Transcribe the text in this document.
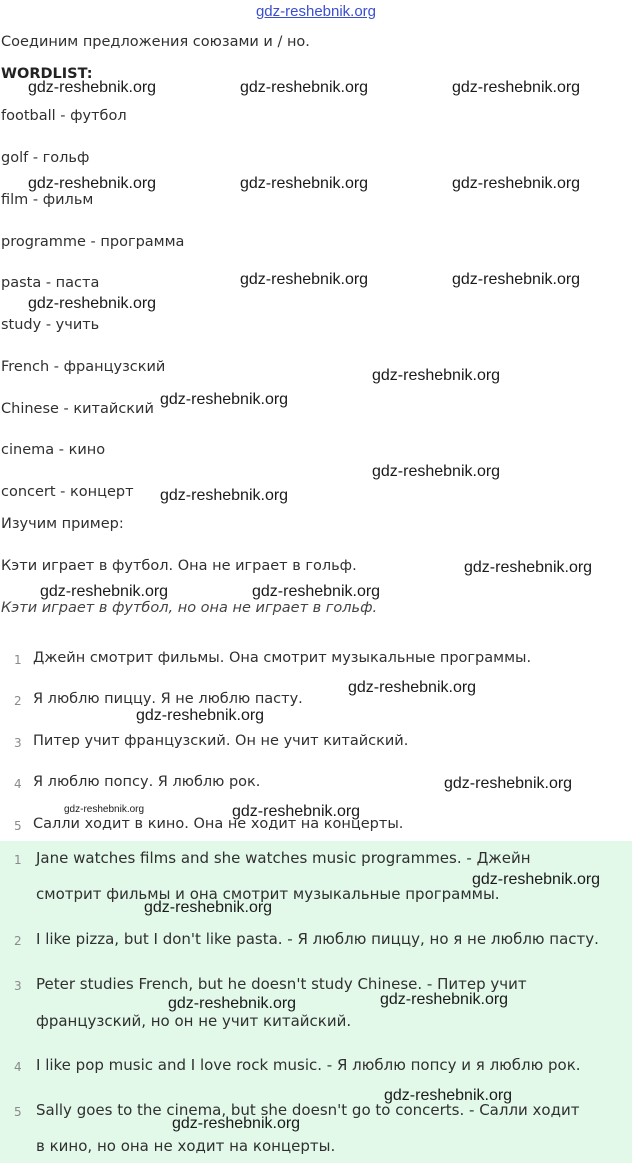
gdz-reshebnik.org
Соединим предложения союзами и / но.
WORDLIST:
football - футбол
golf - гольф
film - фильм
programme - программа
pasta - паста
study - учить
French - французский
Chinese - китайский
cinema - кино
concert - концерт
Изучим пример:
Кэти играет в футбол. Она не играет в гольф.
Кэти играет в футбол, но она не играет в гольф.
1 Джейн смотрит фильмы. Она смотрит музыкальные программы.
2 Я люблю пиццу. Я не люблю пасту.
3 Питер учит французский. Он не учит китайский.
4 Я люблю попсу. Я люблю рок.
5 Салли ходит в кино. Она не ходит на концерты.
1 Jane watches films and she watches music programmes. - Джейн
смотрит фильмы и она смотрит музыкальные программы.
2 I like pizza, but I don't like pasta. - Я люблю пиццу, но я не люблю пасту.
3 Peter studies French, but he doesn't study Chinese. - Питер учит
французский, но он не учит китайский.
4 I like pop music and I love rock music. - Я люблю попсу и я люблю рок.
5 Sally goes to the cinema, but she doesn't go to concerts. - Салли ходит
в кино, но она не ходит на концерты.
gdz-reshebnik.org	gdz-reshebnik.org	gdz-reshebnik.org
gdz-reshebnik.org	gdz-reshebnik.org	gdz-reshebnik.org
gdz-reshebnik.org	gdz-reshebnik.org
gdz-reshebnik.org
gdz-reshebnik.org
gdz-reshebnik.org
gdz-reshebnik.org
gdz-reshebnik.org
gdz-reshebnik.org
gdz-reshebnik.org	gdz-reshebnik.org
gdz-reshebnik.org
gdz-reshebnik.org
gdz-reshebnik.org
gdz-reshebnik.org	gdz-reshebnik.org
gdz-reshebnik.org
gdz-reshebnik.org
gdz-reshebnik.org
gdz-reshebnik.org
gdz-reshebnik.org
gdz-reshebnik.org
